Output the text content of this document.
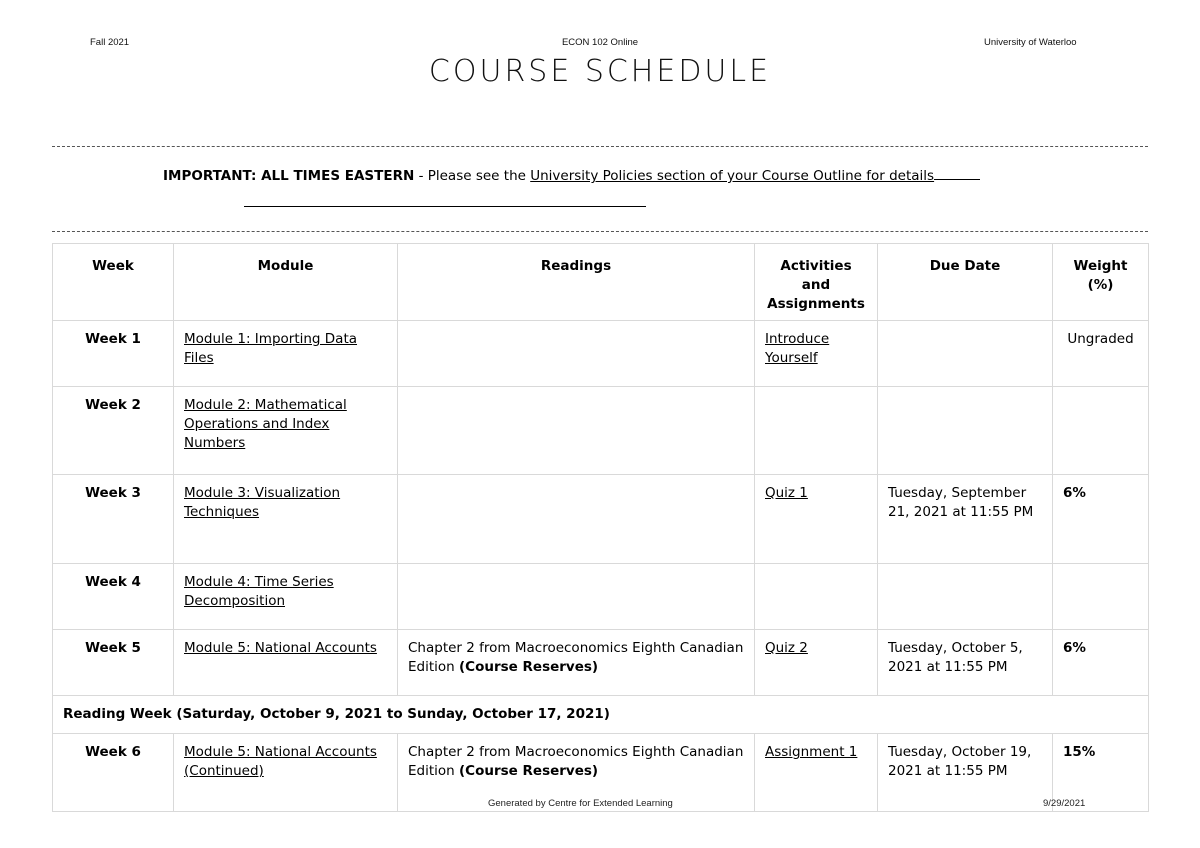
Fall 2021	ECON 102 Online	University of Waterloo
COURSE SCHEDULE
IMPORTANT: ALL TIMES EASTERN - Please see the University Policies section of your Course Outline for details
Week	Module	Readings	Activities and Assignments	Due Date	Weight (%)
Week 1	Module 1: Importing Data Files		Introduce Yourself		Ungraded
Week 2	Module 2: Mathematical Operations and Index Numbers				
Week 3	Module 3: Visualization Techniques		Quiz 1	Tuesday, September 21, 2021 at 11:55 PM	6%
Week 4	Module 4: Time Series Decomposition				
Week 5	Module 5: National Accounts	Chapter 2 from Macroeconomics Eighth Canadian Edition (Course Reserves)	Quiz 2	Tuesday, October 5, 2021 at 11:55 PM	6%
Reading Week (Saturday, October 9, 2021 to Sunday, October 17, 2021)					
Week 6	Module 5: National Accounts (Continued)	Chapter 2 from Macroeconomics Eighth Canadian Edition (Course Reserves)	Assignment 1	Tuesday, October 19, 2021 at 11:55 PM	15%
Generated by Centre for Extended Learning	9/29/2021
